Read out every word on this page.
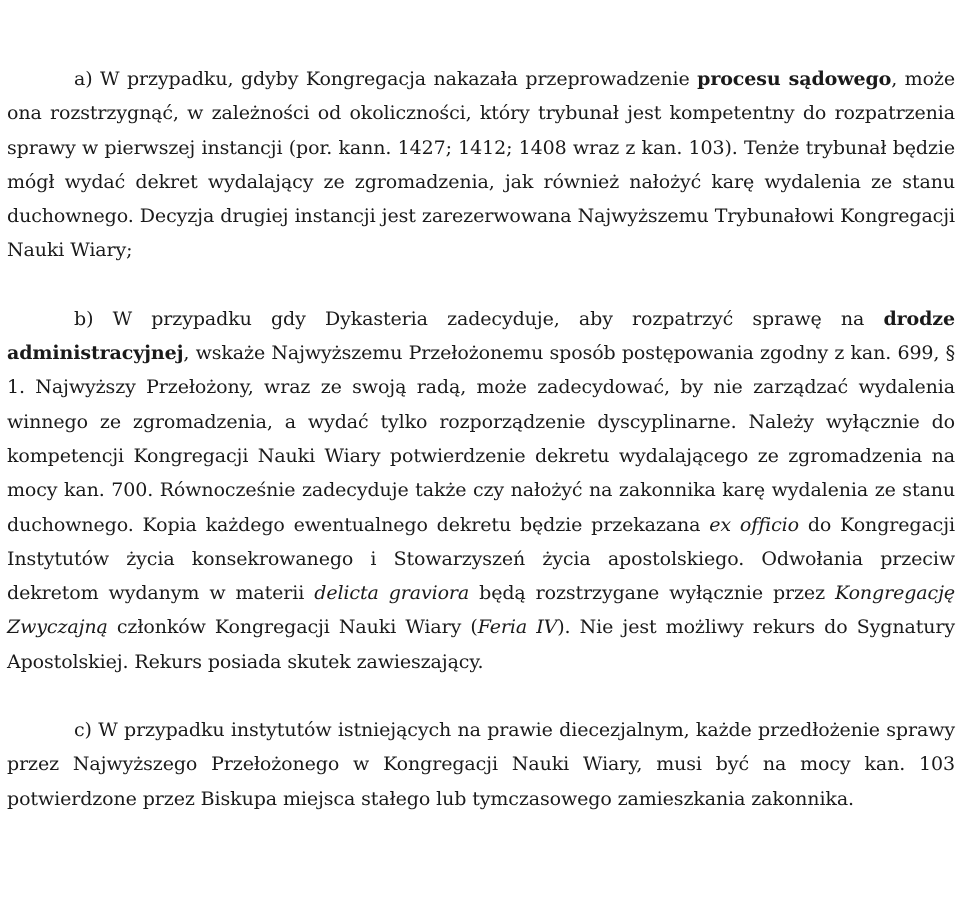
a) W przypadku, gdyby Kongregacja nakazała przeprowadzenie procesu sądowego, może ona rozstrzygnąć, w zależności od okoliczności, który trybunał jest kompetentny do rozpatrzenia sprawy w pierwszej instancji (por. kann. 1427; 1412; 1408 wraz z kan. 103). Tenże trybunał będzie mógł wydać dekret wydalający ze zgromadzenia, jak również nałożyć karę wydalenia ze stanu duchownego. Decyzja drugiej instancji jest zarezerwowana Najwyższemu Trybunałowi Kongregacji Nauki Wiary;

b) W przypadku gdy Dykasteria zadecyduje, aby rozpatrzyć sprawę na drodze administracyjnej, wskaże Najwyższemu Przełożonemu sposób postępowania zgodny z kan. 699, § 1. Najwyższy Przełożony, wraz ze swoją radą, może zadecydować, by nie zarządzać wydalenia winnego ze zgromadzenia, a wydać tylko rozporządzenie dyscyplinarne. Należy wyłącznie do kompetencji Kongregacji Nauki Wiary potwierdzenie dekretu wydalającego ze zgromadzenia na mocy kan. 700. Równocześnie zadecyduje także czy nałożyć na zakonnika karę wydalenia ze stanu duchownego. Kopia każdego ewentualnego dekretu będzie przekazana ex officio do Kongregacji Instytutów życia konsekrowanego i Stowarzyszeń życia apostolskiego. Odwołania przeciw dekretom wydanym w materii delicta graviora będą rozstrzygane wyłącznie przez Kongregację Zwyczajną członków Kongregacji Nauki Wiary (Feria IV). Nie jest możliwy rekurs do Sygnatury Apostolskiej. Rekurs posiada skutek zawieszający.

c) W przypadku instytutów istniejących na prawie diecezjalnym, każde przedłożenie sprawy przez Najwyższego Przełożonego w Kongregacji Nauki Wiary, musi być na mocy kan. 103 potwierdzone przez Biskupa miejsca stałego lub tymczasowego zamieszkania zakonnika.
